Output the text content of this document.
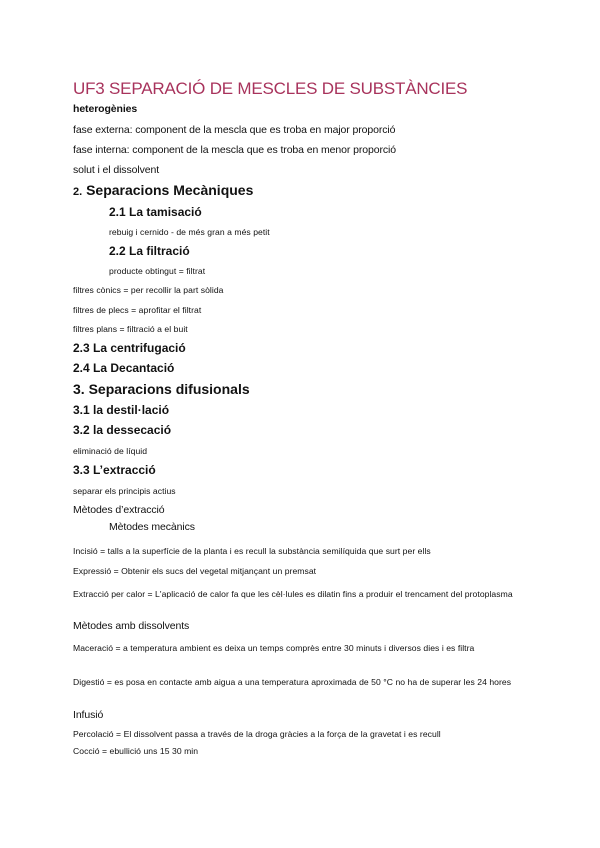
UF3 SEPARACIÓ DE MESCLES DE SUBSTÀNCIES

heterogènies

fase externa: component de la mescla que es troba en major proporció

fase interna: component de la mescla que es troba en menor proporció

solut i el dissolvent

2. Separacions Mecàniques
2.1 La tamisació

rebuig i cernido - de més gran a més petit

2.2 La filtració

producte obtingut = filtrat

filtres cònics = per recollir la part sòlida

filtres de plecs = aprofitar el filtrat

filtres plans = filtració a el buit

2.3 La centrifugació
2.4 La Decantació
3. Separacions difusionals
3.1 la destil·lació
3.2 la dessecació

eliminació de líquid

3.3 L’extracció

separar els principis actius

Mètodes d’extracció

Mètodes mecànics

Incisió = talls a la superfície de la planta i es recull la substància semilíquida que surt per ells

Expressió = Obtenir els sucs del vegetal mitjançant un premsat

Extracció per calor = L'aplicació de calor fa que les cèl·lules es dilatin fins a produir el trencament del protoplasma

Mètodes amb dissolvents

Maceració = a temperatura ambient es deixa un temps comprès entre 30 minuts i diversos dies i es filtra

Digestió = es posa en contacte amb aigua a una temperatura aproximada de 50 °C no ha de superar les 24 hores

Infusió

Percolació = El dissolvent passa a través de la droga gràcies a la força de la gravetat i es recull

Cocció = ebullició uns 15 30 min
